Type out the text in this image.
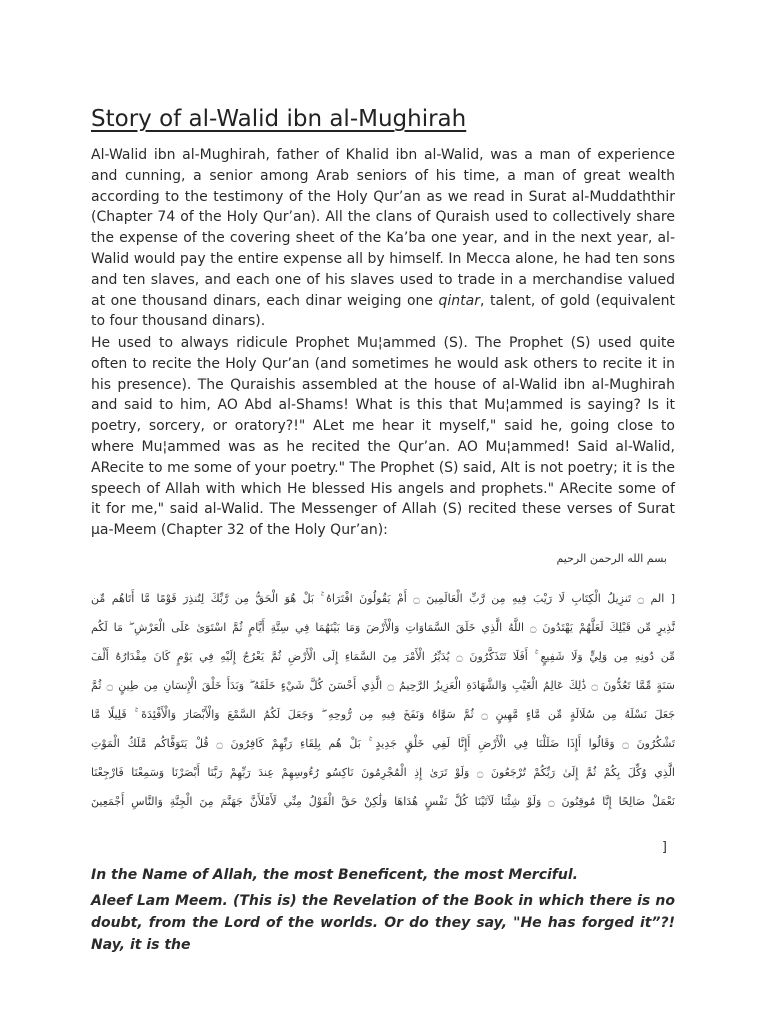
Story of al-Walid ibn al-Mughirah

Al-Walid ibn al-Mughirah, father of Khalid ibn al-Walid, was a man of experience and cunning, a senior among Arab seniors of his time, a man of great wealth according to the testimony of the Holy Qur’an as we read in Surat al-Muddaththir (Chapter 74 of the Holy Qur’an). All the clans of Quraish used to collectively share the expense of the covering sheet of the Ka’ba one year, and in the next year, al-Walid would pay the entire expense all by himself. In Mecca alone, he had ten sons and ten slaves, and each one of his slaves used to trade in a merchandise valued at one thousand dinars, each dinar weiging one qintar, talent, of gold (equivalent to four thousand dinars).

He used to always ridicule Prophet Mu¦ammed (S). The Prophet (S) used quite often to recite the Holy Qur’an (and sometimes he would ask others to recite it in his presence). The Quraishis assembled at the house of al-Walid ibn al-Mughirah and said to him, AO Abd al-Shams! What is this that Mu¦ammed is saying? Is it poetry, sorcery, or oratory?!" ALet me hear it myself," said he, going close to where Mu¦ammed was as he recited the Qur’an. AO Mu¦ammed! Said al-Walid, ARecite to me some of your poetry." The Prophet (S) said, AIt is not poetry; it is the speech of Allah with which He blessed His angels and prophets." ARecite some of it for me," said al-Walid. The Messenger of Allah (S) recited these verses of Surat µa-Meem (Chapter 32 of the Holy Qur’an):

بسم الله الرحمن الرحيم
[ الم ۝ تَنزِيلُ الْكِتَابِ لَا رَيْبَ فِيهِ مِن رَّبِّ الْعَالَمِينَ ۝ أَمْ يَقُولُونَ افْتَرَاهُ ۚ بَلْ هُوَ الْحَقُّ مِن رَّبِّكَ لِتُنذِرَ قَوْمًا مَّا أَتَاهُم مِّن
نَّذِيرٍ مِّن قَبْلِكَ لَعَلَّهُمْ يَهْتَدُونَ ۝ اللَّهُ الَّذِي خَلَقَ السَّمَاوَاتِ وَالْأَرْضَ وَمَا بَيْنَهُمَا فِي سِتَّةِ أَيَّامٍ ثُمَّ اسْتَوَىٰ عَلَى الْعَرْشِ ۖ مَا لَكُم
مِّن دُونِهِ مِن وَلِيٍّ وَلَا شَفِيعٍ ۚ أَفَلَا تَتَذَكَّرُونَ ۝ يُدَبِّرُ الْأَمْرَ مِنَ السَّمَاءِ إِلَى الْأَرْضِ ثُمَّ يَعْرُجُ إِلَيْهِ فِي يَوْمٍ كَانَ مِقْدَارُهُ أَلْفَ
سَنَةٍ مِّمَّا تَعُدُّونَ ۝ ذَٰلِكَ عَالِمُ الْغَيْبِ وَالشَّهَادَةِ الْعَزِيزُ الرَّحِيمُ ۝ الَّذِي أَحْسَنَ كُلَّ شَيْءٍ خَلَقَهُ ۖ وَبَدَأَ خَلْقَ الْإِنسَانِ مِن طِينٍ ۝ ثُمَّ
جَعَلَ نَسْلَهُ مِن سُلَالَةٍ مِّن مَّاءٍ مَّهِينٍ ۝ ثُمَّ سَوَّاهُ وَنَفَخَ فِيهِ مِن رُّوحِهِ ۖ وَجَعَلَ لَكُمُ السَّمْعَ وَالْأَبْصَارَ وَالْأَفْئِدَةَ ۚ قَلِيلًا مَّا
تَشْكُرُونَ ۝ وَقَالُوا أَإِذَا ضَلَلْنَا فِي الْأَرْضِ أَإِنَّا لَفِي خَلْقٍ جَدِيدٍ ۚ بَلْ هُم بِلِقَاءِ رَبِّهِمْ كَافِرُونَ ۝ قُلْ يَتَوَفَّاكُم مَّلَكُ الْمَوْتِ
الَّذِي وُكِّلَ بِكُمْ ثُمَّ إِلَىٰ رَبِّكُمْ تُرْجَعُونَ ۝ وَلَوْ تَرَىٰ إِذِ الْمُجْرِمُونَ نَاكِسُو رُءُوسِهِمْ عِندَ رَبِّهِمْ رَبَّنَا أَبْصَرْنَا وَسَمِعْنَا فَارْجِعْنَا
نَعْمَلْ صَالِحًا إِنَّا مُوقِنُونَ ۝ وَلَوْ شِئْنَا لَآتَيْنَا كُلَّ نَفْسٍ هُدَاهَا وَلَٰكِنْ حَقَّ الْقَوْلُ مِنِّي لَأَمْلَأَنَّ جَهَنَّمَ مِنَ الْجِنَّةِ وَالنَّاسِ أَجْمَعِينَ
]

In the Name of Allah, the most Beneficent, the most Merciful.

Aleef Lam Meem. (This is) the Revelation of the Book in which there is no doubt, from the Lord of the worlds. Or do they say, "He has forged it”?! Nay, it is the
